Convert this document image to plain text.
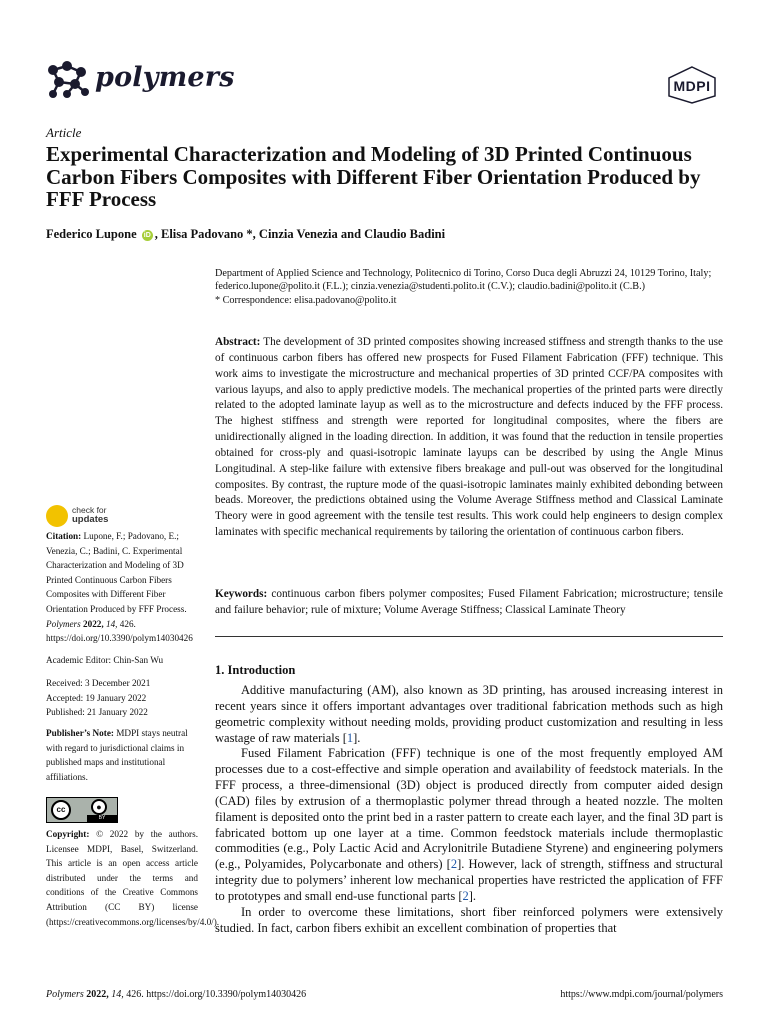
polymers	MDPI
Article
Experimental Characterization and Modeling of 3D Printed Continuous Carbon Fibers Composites with Different Fiber Orientation Produced by FFF Process
Federico Lupone iD , Elisa Padovano *, Cinzia Venezia and Claudio Badini

Department of Applied Science and Technology, Politecnico di Torino, Corso Duca degli Abruzzi 24, 10129 Torino, Italy; federico.lupone@polito.it (F.L.); cinzia.venezia@studenti.polito.it (C.V.); claudio.badini@polito.it (C.B.)

* Correspondence: elisa.padovano@polito.it

Abstract: The development of 3D printed composites showing increased stiffness and strength thanks to the use of continuous carbon fibers has offered new prospects for Fused Filament Fabrication (FFF) technique. This work aims to investigate the microstructure and mechanical properties of 3D printed CCF/PA composites with various layups, and also to apply predictive models. The mechanical properties of the printed parts were directly related to the adopted laminate layup as well as to the microstructure and defects induced by the FFF process. The highest stiffness and strength were reported for longitudinal composites, where the fibers are unidirectionally aligned in the loading direction. In addition, it was found that the reduction in tensile properties obtained for cross-ply and quasi-isotropic laminate layups can be described by using the Angle Minus Longitudinal. A step-like failure with extensive fibers breakage and pull-out was observed for the longitudinal composites. By contrast, the rupture mode of the quasi-isotropic laminates mainly exhibited debonding between beads. Moreover, the predictions obtained using the Volume Average Stiffness method and Classical Laminate Theory were in good agreement with the tensile test results. This work could help engineers to design complex laminates with specific mechanical requirements by tailoring the orientation of continuous carbon fibers.

Keywords: continuous carbon fibers polymer composites; Fused Filament Fabrication; microstructure; tensile and failure behavior; rule of mixture; Volume Average Stiffness; Classical Laminate Theory

check for
updates

Citation: Lupone, F.; Padovano, E.; Venezia, C.; Badini, C. Experimental Characterization and Modeling of 3D Printed Continuous Carbon Fibers Composites with Different Fiber Orientation Produced by FFF Process. Polymers 2022, 14, 426. https://doi.org/10.3390/polym14030426

Academic Editor: Chin-San Wu

Received: 3 December 2021

Accepted: 19 January 2022

Published: 21 January 2022

Publisher’s Note: MDPI stays neutral with regard to jurisdictional claims in published maps and institutional affiliations.

cc	●
BY

Copyright: © 2022 by the authors. Licensee MDPI, Basel, Switzerland. This article is an open access article distributed under the terms and conditions of the Creative Commons Attribution (CC BY) license (https://creativecommons.org/licenses/by/4.0/).

1. Introduction

Additive manufacturing (AM), also known as 3D printing, has aroused increasing interest in recent years since it offers important advantages over traditional fabrication methods such as high geometric complexity without needing molds, providing product customization and resulting in less wastage of raw materials [1].

Fused Filament Fabrication (FFF) technique is one of the most frequently employed AM processes due to a cost-effective and simple operation and availability of feedstock materials. In the FFF process, a three-dimensional (3D) object is produced directly from computer aided design (CAD) files by extrusion of a thermoplastic polymer thread through a heated nozzle. The molten filament is deposited onto the print bed in a raster pattern to create each layer, and the final 3D part is fabricated bottom up one layer at a time. Common feedstock materials include thermoplastic commodities (e.g., Poly Lactic Acid and Acrylonitrile Butadiene Styrene) and engineering polymers (e.g., Polyamides, Polycarbonate and others) [2]. However, lack of strength, stiffness and structural integrity due to polymers’ inherent low mechanical properties have restricted the application of FFF to prototypes and small end-use functional parts [2].

In order to overcome these limitations, short fiber reinforced polymers were extensively studied. In fact, carbon fibers exhibit an excellent combination of properties that

Polymers 2022, 14, 426. https://doi.org/10.3390/polym14030426	https://www.mdpi.com/journal/polymers
